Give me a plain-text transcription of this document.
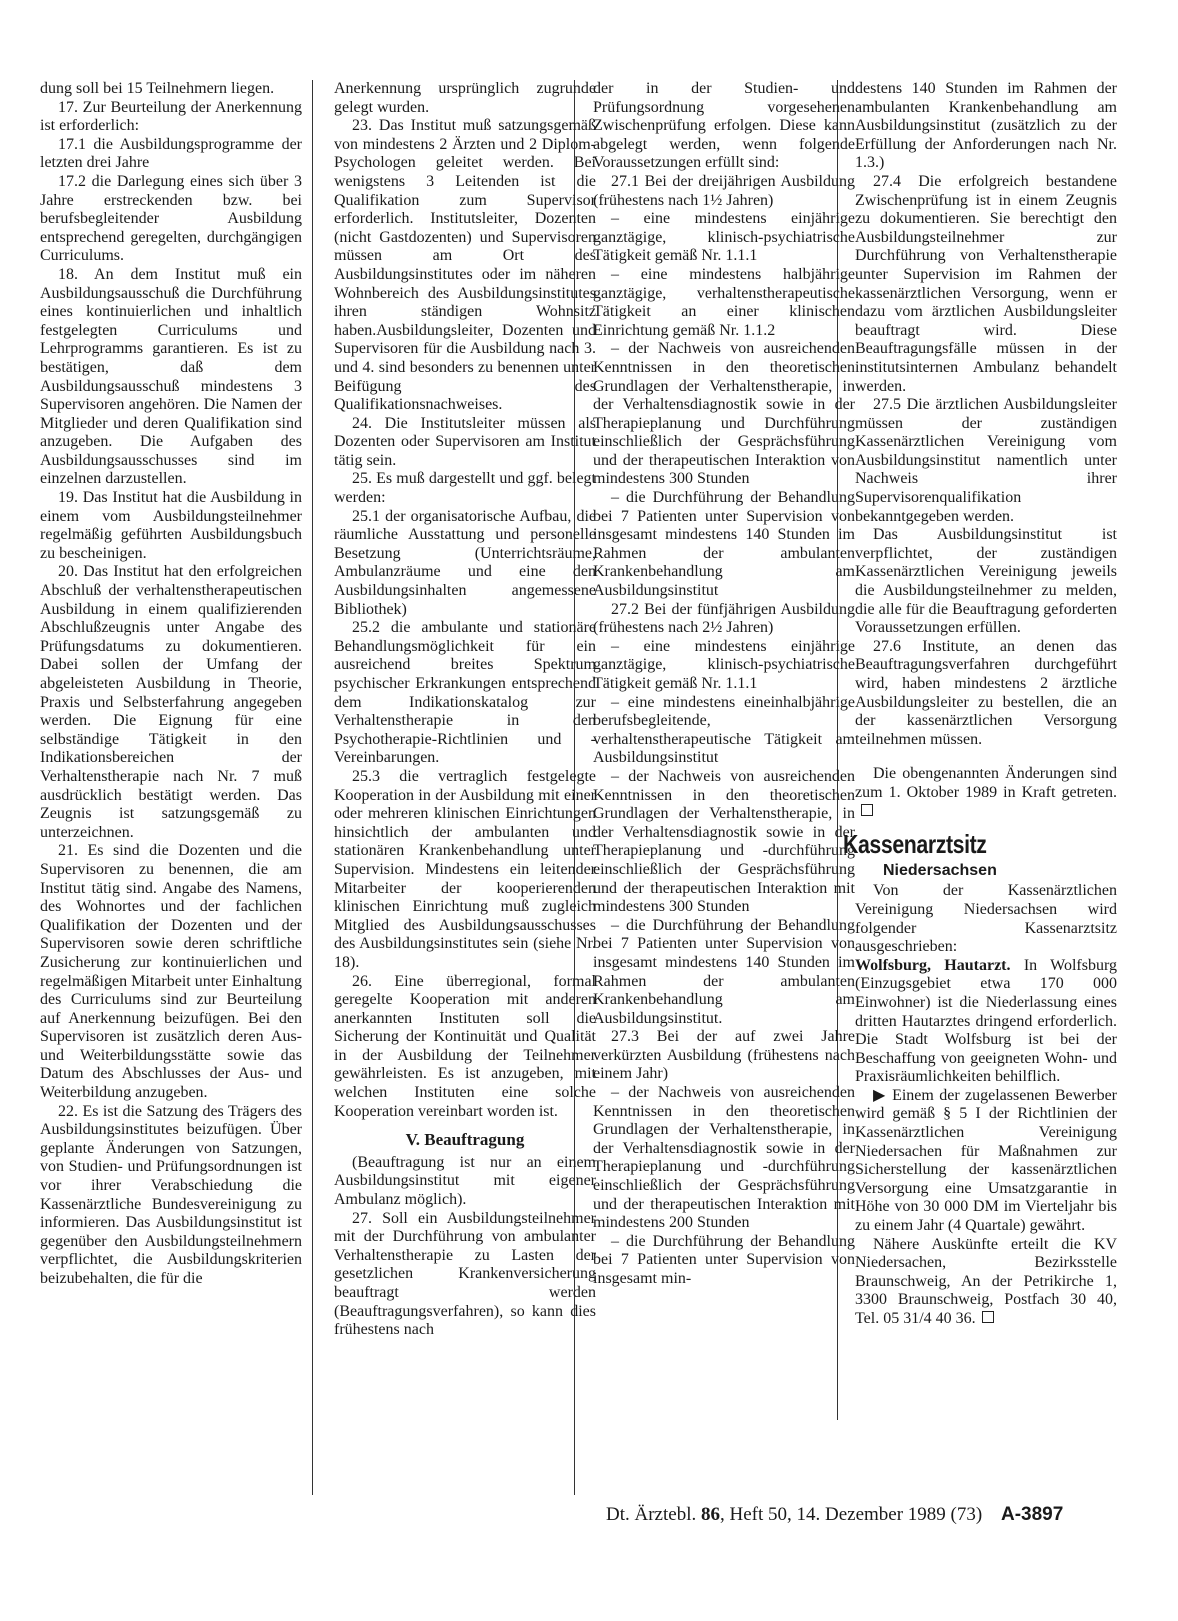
dung soll bei 15 Teilnehmern liegen.

17. Zur Beurteilung der Anerkennung ist erforderlich:

17.1 die Ausbildungsprogramme der letzten drei Jahre

17.2 die Darlegung eines sich über 3 Jahre erstreckenden bzw. bei berufsbegleitender Ausbildung entsprechend geregelten, durchgängigen Curriculums.

18. An dem Institut muß ein Ausbildungsausschuß die Durchführung eines kontinuierlichen und inhaltlich festgelegten Curriculums und Lehrprogramms garantieren. Es ist zu bestätigen, daß dem Ausbildungsausschuß mindestens 3 Supervisoren angehören. Die Namen der Mitglieder und deren Qualifikation sind anzugeben. Die Aufgaben des Ausbildungsausschusses sind im einzelnen darzustellen.

19. Das Institut hat die Ausbildung in einem vom Ausbildungsteilnehmer regelmäßig geführten Ausbildungsbuch zu bescheinigen.

20. Das Institut hat den erfolgreichen Abschluß der verhaltenstherapeutischen Ausbildung in einem qualifizierenden Abschlußzeugnis unter Angabe des Prüfungsdatums zu dokumentieren. Dabei sollen der Umfang der abgeleisteten Ausbildung in Theorie, Praxis und Selbsterfahrung angegeben werden. Die Eignung für eine selbständige Tätigkeit in den Indikationsbereichen der Verhaltenstherapie nach Nr. 7 muß ausdrücklich bestätigt werden. Das Zeugnis ist satzungsgemäß zu unterzeichnen.

21. Es sind die Dozenten und die Supervisoren zu benennen, die am Institut tätig sind. Angabe des Namens, des Wohnortes und der fachlichen Qualifikation der Dozenten und der Supervisoren sowie deren schriftliche Zusicherung zur kontinuierlichen und regelmäßigen Mitarbeit unter Einhaltung des Curriculums sind zur Beurteilung auf Anerkennung beizufügen. Bei den Supervisoren ist zusätzlich deren Aus- und Weiterbildungsstätte sowie das Datum des Abschlusses der Aus- und Weiterbildung anzugeben.

22. Es ist die Satzung des Trägers des Ausbildungsinstitutes beizufügen. Über geplante Änderungen von Satzungen, von Studien- und Prüfungsordnungen ist vor ihrer Verabschiedung die Kassenärztliche Bundesvereinigung zu informieren. Das Ausbildungsinstitut ist gegenüber den Ausbildungsteilnehmern verpflichtet, die Ausbildungskriterien beizubehalten, die für die

Anerkennung ursprünglich zugrunde gelegt wurden.

23. Das Institut muß satzungsgemäß von mindestens 2 Ärzten und 2 Diplom-Psychologen geleitet werden. Bei wenigstens 3 Leitenden ist die Qualifikation zum Supervisor erforderlich. Institutsleiter, Dozenten (nicht Gastdozenten) und Supervisoren müssen am Ort des Ausbildungsinstitutes oder im näheren Wohnbereich des Ausbildungsinstitutes ihren ständigen Wohnsitz haben.Ausbildungsleiter, Dozenten und Supervisoren für die Ausbildung nach 3. und 4. sind besonders zu benennen unter Beifügung des Qualifikationsnachweises.

24. Die Institutsleiter müssen als Dozenten oder Supervisoren am Institut tätig sein.

25. Es muß dargestellt und ggf. belegt werden:

25.1 der organisatorische Aufbau, die räumliche Ausstattung und personelle Besetzung (Unterrichtsräume, Ambulanzräume und eine den Ausbildungsinhalten angemessene Bibliothek)

25.2 die ambulante und stationäre Behandlungsmöglichkeit für ein ausreichend breites Spektrum psychischer Erkrankungen entsprechend dem Indikationskatalog zur Verhaltenstherapie in den Psychotherapie-Richtlinien und -Vereinbarungen.

25.3 die vertraglich festgelegte Kooperation in der Ausbildung mit einer oder mehreren klinischen Einrichtungen hinsichtlich der ambulanten und stationären Krankenbehandlung unter Supervision. Mindestens ein leitender Mitarbeiter der kooperierenden klinischen Einrichtung muß zugleich Mitglied des Ausbildungsausschusses des Ausbildungsinstitutes sein (siehe Nr. 18).

26. Eine überregional, formal geregelte Kooperation mit anderen anerkannten Instituten soll die Sicherung der Kontinuität und Qualität in der Ausbildung der Teilnehmer gewährleisten. Es ist anzugeben, mit welchen Instituten eine solche Kooperation vereinbart worden ist.

V. Beauftragung

(Beauftragung ist nur an einem Ausbildungsinstitut mit eigener Ambulanz möglich).

27. Soll ein Ausbildungsteilnehmer mit der Durchführung von ambulanter Verhaltenstherapie zu Lasten der gesetzlichen Krankenversicherung beauftragt werden (Beauftragungsverfahren), so kann dies frühestens nach

der in der Studien- und Prüfungsordnung vorgesehenen Zwischenprüfung erfolgen. Diese kann abgelegt werden, wenn folgende Voraussetzungen erfüllt sind:

27.1 Bei der dreijährigen Ausbildung (frühestens nach 1½ Jahren)

– eine mindestens einjährige ganztägige, klinisch-psychiatrische Tätigkeit gemäß Nr. 1.1.1

– eine mindestens halbjährige ganztägige, verhaltenstherapeutische Tätigkeit an einer klinischen Einrichtung gemäß Nr. 1.1.2

– der Nachweis von ausreichenden Kenntnissen in den theoretischen Grundlagen der Verhaltenstherapie, in der Verhaltensdiagnostik sowie in der Therapieplanung und Durchführung einschließlich der Gesprächsführung und der therapeutischen Interaktion von mindestens 300 Stunden

– die Durchführung der Behandlung bei 7 Patienten unter Supervision von insgesamt mindestens 140 Stunden im Rahmen der ambulanten Krankenbehandlung am Ausbildungsinstitut

27.2 Bei der fünfjährigen Ausbildung (frühestens nach 2½ Jahren)

– eine mindestens einjährige ganztägige, klinisch-psychiatrische Tätigkeit gemäß Nr. 1.1.1

– eine mindestens eineinhalbjährige berufsbegleitende, verhaltenstherapeutische Tätigkeit am Ausbildungsinstitut

– der Nachweis von ausreichenden Kenntnissen in den theoretischen Grundlagen der Verhaltenstherapie, in der Verhaltensdiagnostik sowie in der Therapieplanung und -durchführung einschließlich der Gesprächsführung und der therapeutischen Interaktion mit mindestens 300 Stunden

– die Durchführung der Behandlung bei 7 Patienten unter Supervision von insgesamt mindestens 140 Stunden im Rahmen der ambulanten Krankenbehandlung am Ausbildungsinstitut.

27.3 Bei der auf zwei Jahre verkürzten Ausbildung (frühestens nach einem Jahr)

– der Nachweis von ausreichenden Kenntnissen in den theoretischen Grundlagen der Verhaltenstherapie, in der Verhaltensdiagnostik sowie in der Therapieplanung und -durchführung einschließlich der Gesprächsführung und der therapeutischen Interaktion mit mindestens 200 Stunden

– die Durchführung der Behandlung bei 7 Patienten unter Supervision von insgesamt min-

destens 140 Stunden im Rahmen der ambulanten Krankenbehandlung am Ausbildungsinstitut (zusätzlich zu der Erfüllung der Anforderungen nach Nr. 1.3.)

27.4 Die erfolgreich bestandene Zwischenprüfung ist in einem Zeugnis zu dokumentieren. Sie berechtigt den Ausbildungsteilnehmer zur Durchführung von Verhaltenstherapie unter Supervision im Rahmen der kassenärztlichen Versorgung, wenn er dazu vom ärztlichen Ausbildungsleiter beauftragt wird. Diese Beauftragungsfälle müssen in der institutsinternen Ambulanz behandelt werden.

27.5 Die ärztlichen Ausbildungsleiter müssen der zuständigen Kassenärztlichen Vereinigung vom Ausbildungsinstitut namentlich unter Nachweis ihrer Supervisorenqualifikation bekanntgegeben werden.

Das Ausbildungsinstitut ist verpflichtet, der zuständigen Kassenärztlichen Vereinigung jeweils die Ausbildungsteilnehmer zu melden, die alle für die Beauftragung geforderten Voraussetzungen erfüllen.

27.6 Institute, an denen das Beauftragungsverfahren durchgeführt wird, haben mindestens 2 ärztliche Ausbildungsleiter zu bestellen, die an der kassenärztlichen Versorgung teilnehmen müssen.

Die obengenannten Änderungen sind zum 1. Oktober 1989 in Kraft getreten.

Kassenarztsitz
Niedersachsen

Von der Kassenärztlichen Vereinigung Niedersachsen wird folgender Kassenarztsitz ausgeschrieben:

Wolfsburg, Hautarzt. In Wolfsburg (Einzugsgebiet etwa 170 000 Einwohner) ist die Niederlassung eines dritten Hautarztes dringend erforderlich. Die Stadt Wolfsburg ist bei der Beschaffung von geeigneten Wohn- und Praxisräumlichkeiten behilflich.

▶ Einem der zugelassenen Bewerber wird gemäß § 5 I der Richtlinien der Kassenärztlichen Vereinigung Niedersachen für Maßnahmen zur Sicherstellung der kassenärztlichen Versorgung eine Umsatzgarantie in Höhe von 30 000 DM im Vierteljahr bis zu einem Jahr (4 Quartale) gewährt.

Nähere Auskünfte erteilt die KV Niedersachen, Bezirksstelle Braunschweig, An der Petrikirche 1, 3300 Braunschweig, Postfach 30 40, Tel. 05 31/4 40 36.

Dt. Ärztebl. 86, Heft 50, 14. Dezember 1989 (73) A-3897
